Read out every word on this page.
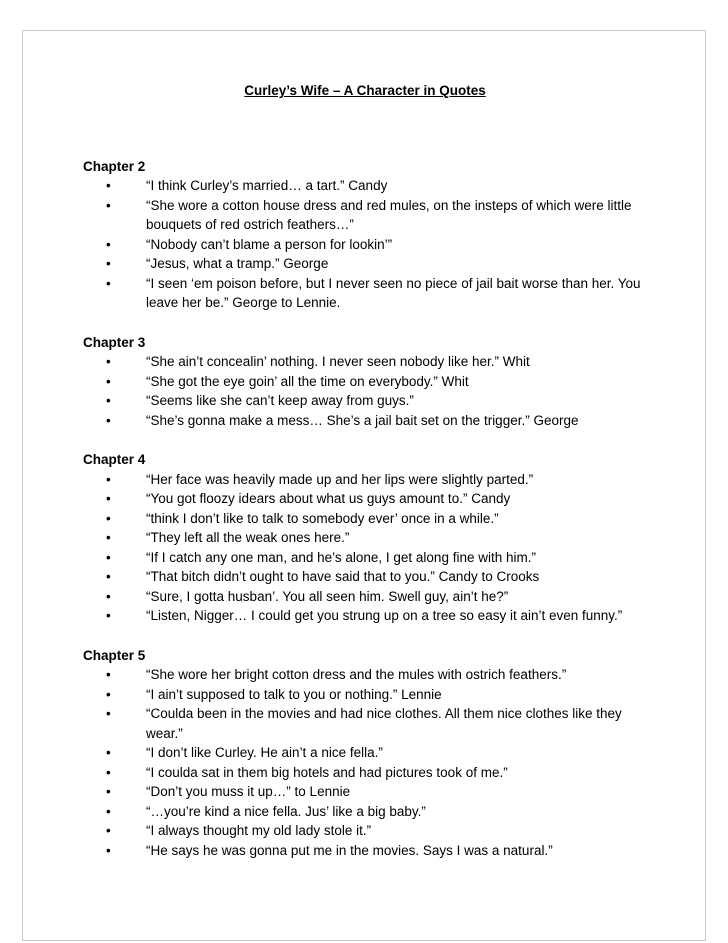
Curley’s Wife – A Character in Quotes
Chapter 2
• “I think Curley’s married… a tart.” Candy
• “She wore a cotton house dress and red mules, on the insteps of which were little bouquets of red ostrich feathers…”
• “Nobody can’t blame a person for lookin’”
• “Jesus, what a tramp.” George
• “I seen ‘em poison before, but I never seen no piece of jail bait worse than her. You leave her be.” George to Lennie.
Chapter 3
• “She ain’t concealin’ nothing. I never seen nobody like her.” Whit
• “She got the eye goin’ all the time on everybody.” Whit
• “Seems like she can’t keep away from guys.”
• “She’s gonna make a mess… She’s a jail bait set on the trigger.” George
Chapter 4
• “Her face was heavily made up and her lips were slightly parted.”
• “You got floozy idears about what us guys amount to.” Candy
• “think I don’t like to talk to somebody ever’ once in a while.”
• “They left all the weak ones here.”
• “If I catch any one man, and he’s alone, I get along fine with him.”
• “That bitch didn’t ought to have said that to you.” Candy to Crooks
• “Sure, I gotta husban’. You all seen him. Swell guy, ain’t he?”
• “Listen, Nigger… I could get you strung up on a tree so easy it ain’t even funny.”
Chapter 5
• “She wore her bright cotton dress and the mules with ostrich feathers.”
• “I ain’t supposed to talk to you or nothing.” Lennie
• “Coulda been in the movies and had nice clothes. All them nice clothes like they wear.”
• “I don’t like Curley. He ain’t a nice fella.”
• “I coulda sat in them big hotels and had pictures took of me.”
• “Don’t you muss it up…” to Lennie
• “…you’re kind a nice fella. Jus’ like a big baby.”
• “I always thought my old lady stole it.”
• “He says he was gonna put me in the movies. Says I was a natural.”
